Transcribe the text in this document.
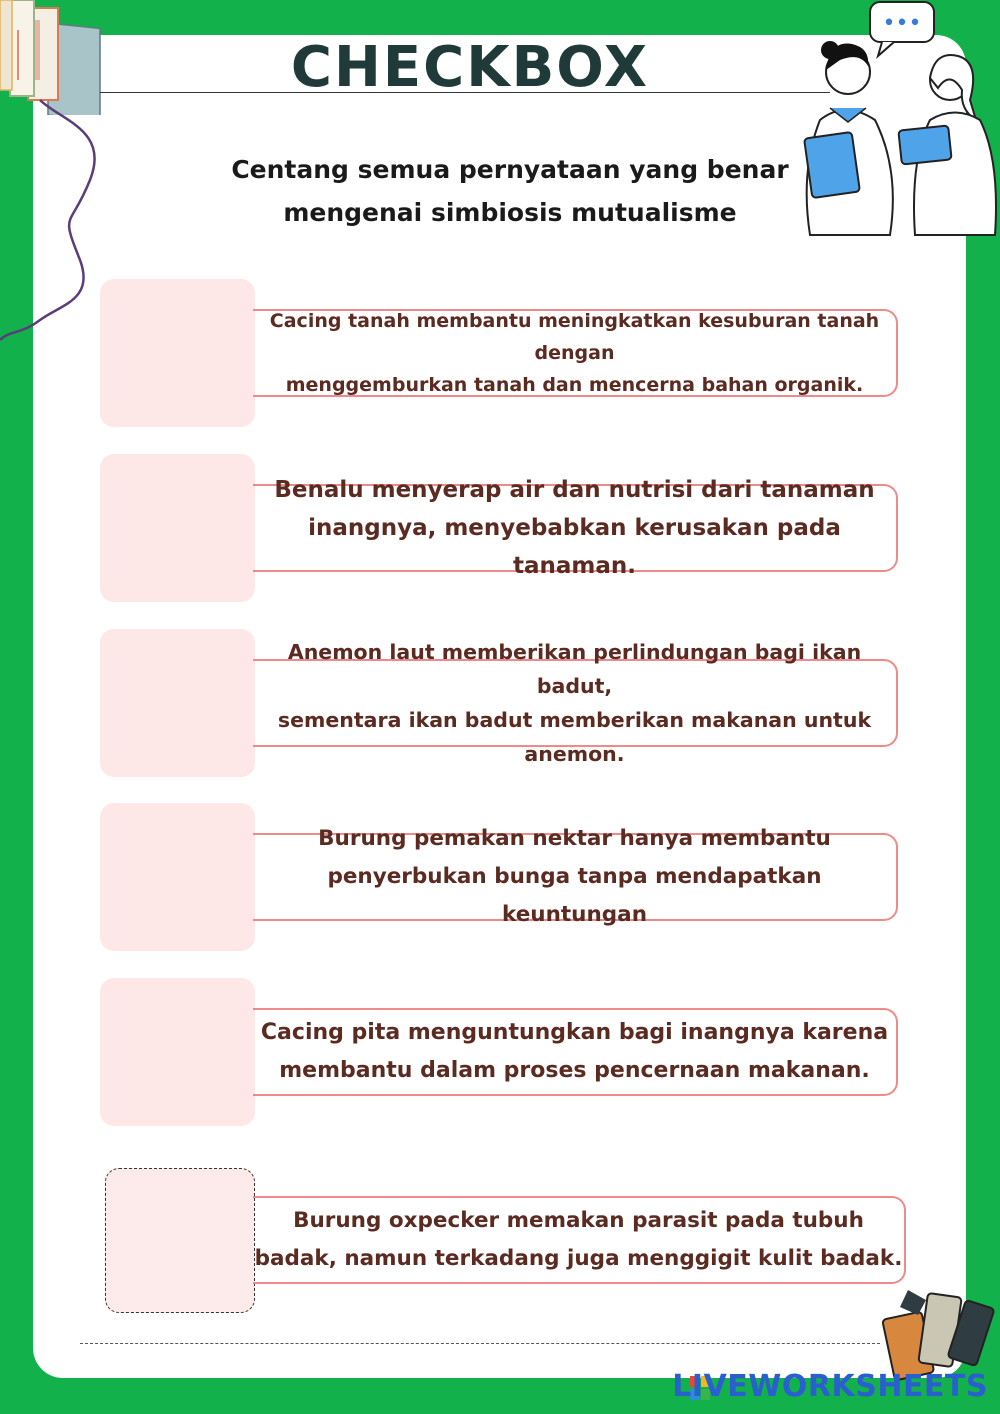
CHECKBOX
•••
Centang semua pernyataan yang benar
mengenai simbiosis mutualisme
Cacing tanah membantu meningkatkan kesuburan tanah dengan
menggemburkan tanah dan mencerna bahan organik.
Benalu menyerap air dan nutrisi dari tanaman
inangnya, menyebabkan kerusakan pada tanaman.
Anemon laut memberikan perlindungan bagi ikan badut,
sementara ikan badut memberikan makanan untuk anemon.
Burung pemakan nektar hanya membantu
penyerbukan bunga tanpa mendapatkan keuntungan
Cacing pita menguntungkan bagi inangnya karena
membantu dalam proses pencernaan makanan.
Burung oxpecker memakan parasit pada tubuh
badak, namun terkadang juga menggigit kulit badak.
LIVEWORKSHEETS
